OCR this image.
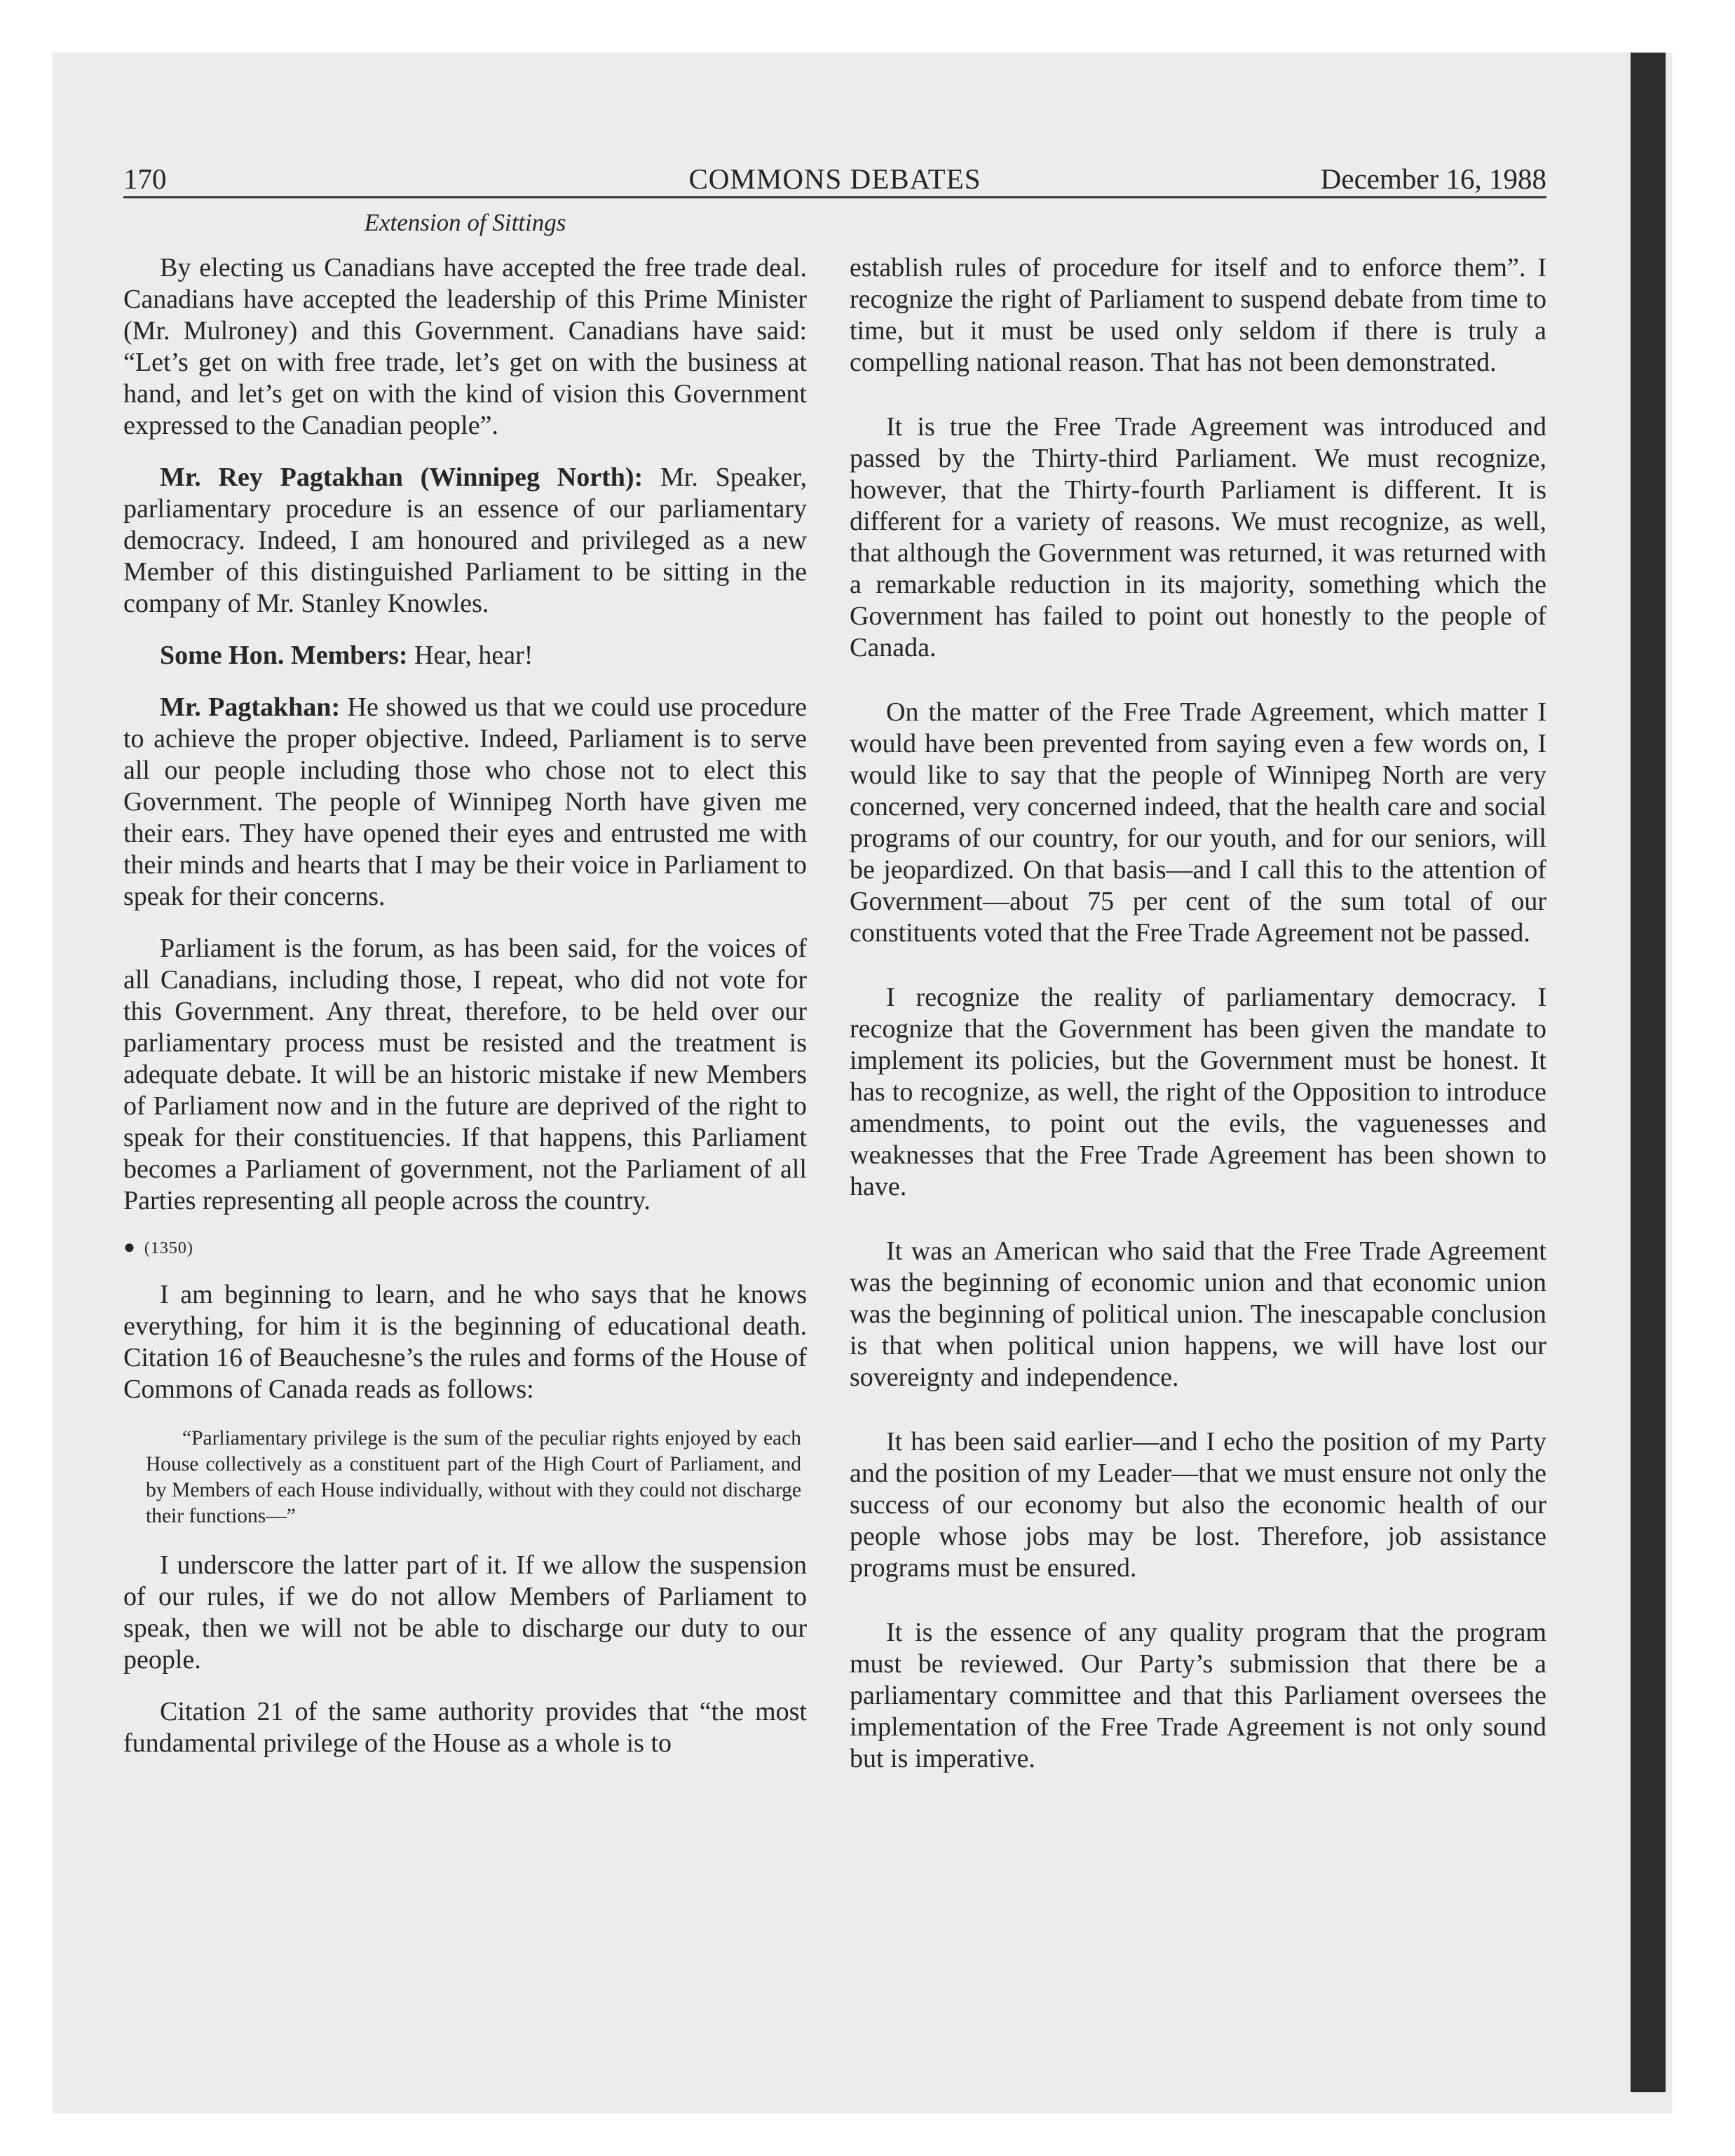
170	COMMONS DEBATES	December 16, 1988
Extension of Sittings

By electing us Canadians have accepted the free trade deal. Canadians have accepted the leadership of this Prime Minister (Mr. Mulroney) and this Government. Canadians have said: “Let’s get on with free trade, let’s get on with the business at hand, and let’s get on with the kind of vision this Government expressed to the Canadian people”.

Mr. Rey Pagtakhan (Winnipeg North): Mr. Speaker, parliamentary procedure is an essence of our parliamentary democracy. Indeed, I am honoured and privileged as a new Member of this distinguished Parliament to be sitting in the company of Mr. Stanley Knowles.

Some Hon. Members: Hear, hear!

Mr. Pagtakhan: He showed us that we could use procedure to achieve the proper objective. Indeed, Parliament is to serve all our people including those who chose not to elect this Government. The people of Winnipeg North have given me their ears. They have opened their eyes and entrusted me with their minds and hearts that I may be their voice in Parliament to speak for their concerns.

Parliament is the forum, as has been said, for the voices of all Canadians, including those, I repeat, who did not vote for this Government. Any threat, therefore, to be held over our parliamentary process must be resisted and the treatment is adequate debate. It will be an historic mistake if new Members of Parliament now and in the future are deprived of the right to speak for their constituencies. If that happens, this Parliament becomes a Parliament of government, not the Parliament of all Parties representing all people across the country.

● (1350)

I am beginning to learn, and he who says that he knows everything, for him it is the beginning of educational death. Citation 16 of Beauchesne’s the rules and forms of the House of Commons of Canada reads as follows:

“Parliamentary privilege is the sum of the peculiar rights enjoyed by each House collectively as a constituent part of the High Court of Parliament, and by Members of each House individually, without with they could not discharge their functions—”

I underscore the latter part of it. If we allow the suspension of our rules, if we do not allow Members of Parliament to speak, then we will not be able to discharge our duty to our people.

Citation 21 of the same authority provides that “the most fundamental privilege of the House as a whole is to

establish rules of procedure for itself and to enforce them”. I recognize the right of Parliament to suspend debate from time to time, but it must be used only seldom if there is truly a compelling national reason. That has not been demonstrated.

It is true the Free Trade Agreement was introduced and passed by the Thirty-third Parliament. We must recognize, however, that the Thirty-fourth Parliament is different. It is different for a variety of reasons. We must recognize, as well, that although the Government was returned, it was returned with a remarkable reduction in its majority, something which the Government has failed to point out honestly to the people of Canada.

On the matter of the Free Trade Agreement, which matter I would have been prevented from saying even a few words on, I would like to say that the people of Winnipeg North are very concerned, very concerned indeed, that the health care and social programs of our country, for our youth, and for our seniors, will be jeopardized. On that basis—and I call this to the attention of Government—about 75 per cent of the sum total of our constituents voted that the Free Trade Agreement not be passed.

I recognize the reality of parliamentary democracy. I recognize that the Government has been given the mandate to implement its policies, but the Government must be honest. It has to recognize, as well, the right of the Opposition to introduce amendments, to point out the evils, the vaguenesses and weaknesses that the Free Trade Agreement has been shown to have.

It was an American who said that the Free Trade Agreement was the beginning of economic union and that economic union was the beginning of political union. The inescapable conclusion is that when political union happens, we will have lost our sovereignty and independence.

It has been said earlier—and I echo the position of my Party and the position of my Leader—that we must ensure not only the success of our economy but also the economic health of our people whose jobs may be lost. Therefore, job assistance programs must be ensured.

It is the essence of any quality program that the program must be reviewed. Our Party’s submission that there be a parliamentary committee and that this Parliament oversees the implementation of the Free Trade Agreement is not only sound but is imperative.
